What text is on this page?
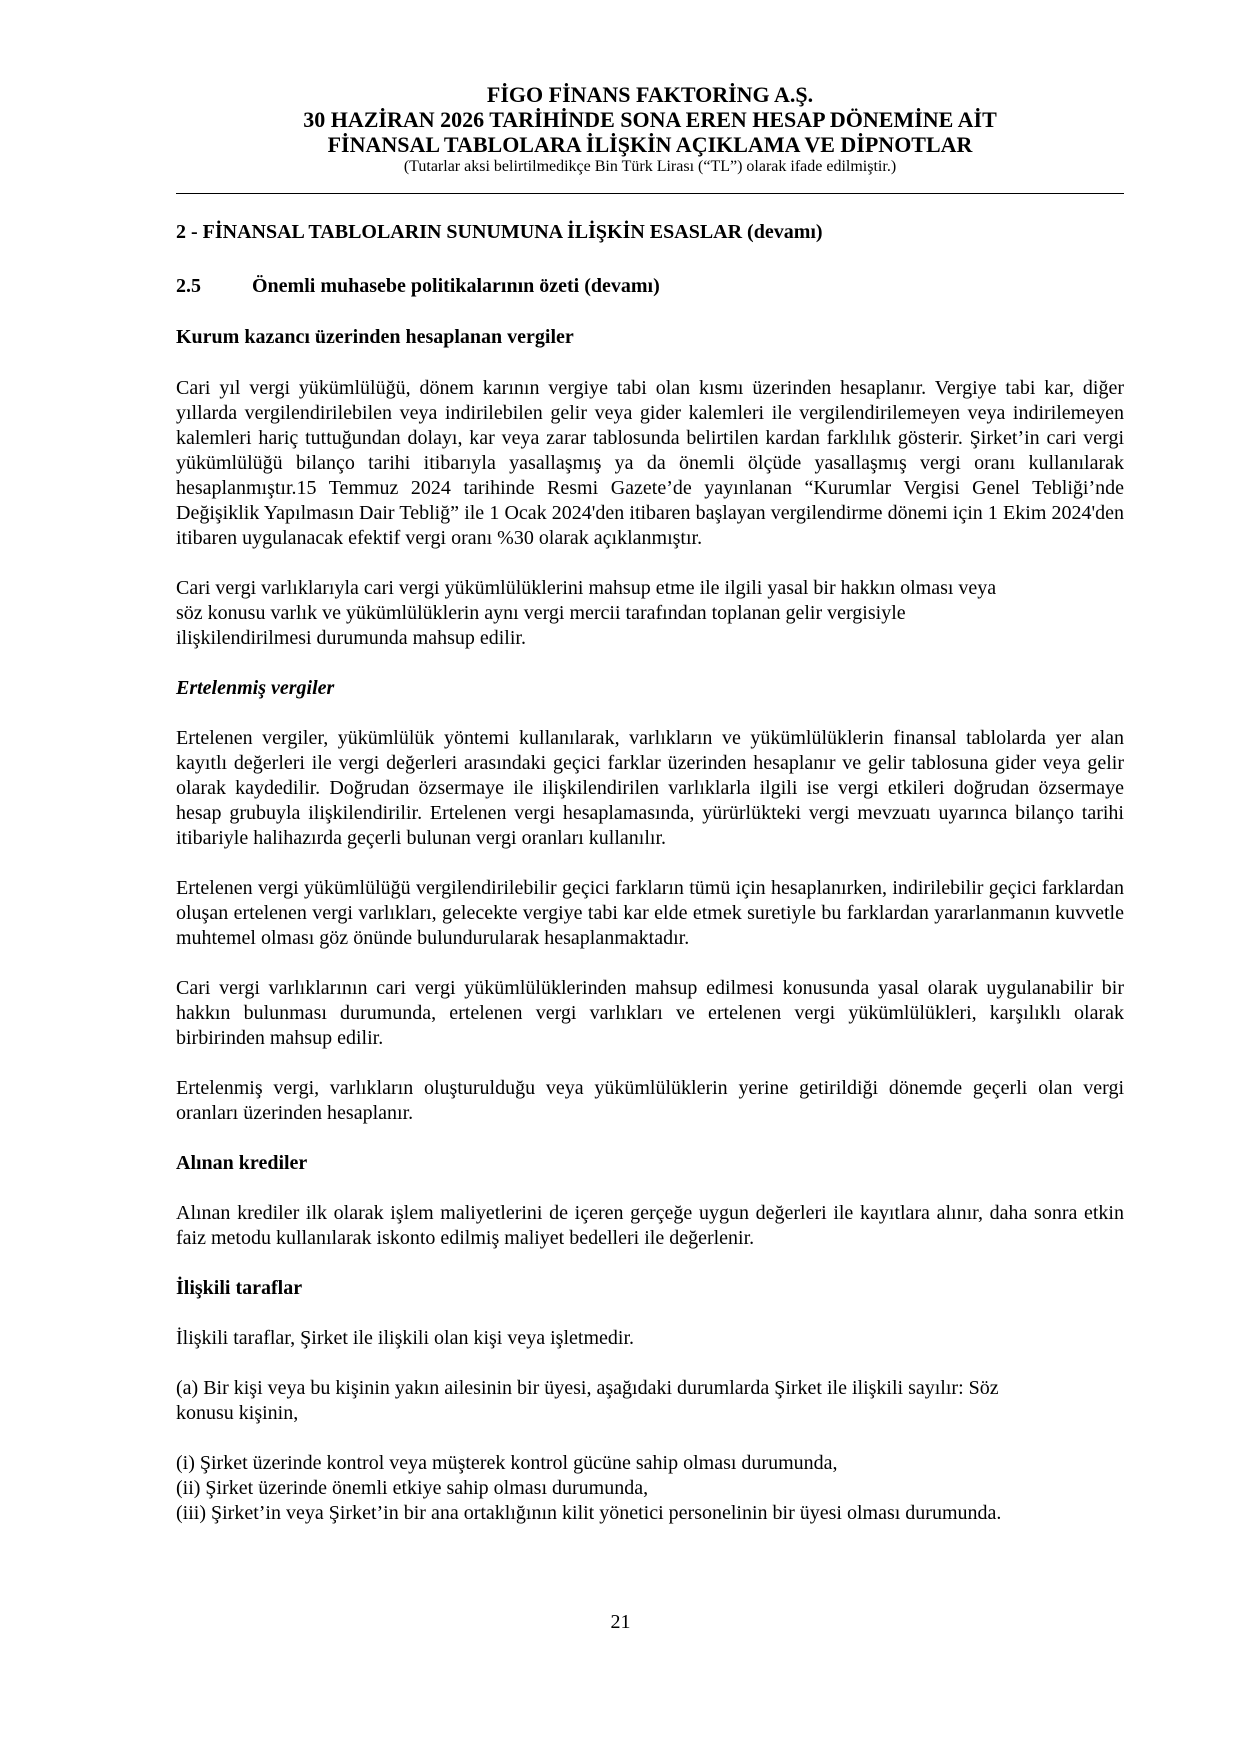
FİGO FİNANS FAKTORİNG A.Ş.
30 HAZİRAN 2026 TARİHİNDE SONA EREN HESAP DÖNEMİNE AİT
FİNANSAL TABLOLARA İLİŞKİN AÇIKLAMA VE DİPNOTLAR
(Tutarlar aksi belirtilmedikçe Bin Türk Lirası (“TL”) olarak ifade edilmiştir.)

2 - FİNANSAL TABLOLARIN SUNUMUNA İLİŞKİN ESASLAR (devamı)

2.5	Önemli muhasebe politikalarının özeti (devamı)

Kurum kazancı üzerinden hesaplanan vergiler

Cari yıl vergi yükümlülüğü, dönem karının vergiye tabi olan kısmı üzerinden hesaplanır. Vergiye tabi kar, diğer yıllarda vergilendirilebilen veya indirilebilen gelir veya gider kalemleri ile vergilendirilemeyen veya indirilemeyen kalemleri hariç tuttuğundan dolayı, kar veya zarar tablosunda belirtilen kardan farklılık gösterir. Şirket’in cari vergi yükümlülüğü bilanço tarihi itibarıyla yasallaşmış ya da önemli ölçüde yasallaşmış vergi oranı kullanılarak hesaplanmıştır.15 Temmuz 2024 tarihinde Resmi Gazete’de yayınlanan “Kurumlar Vergisi Genel Tebliği’nde Değişiklik Yapılmasın Dair Tebliğ” ile 1 Ocak 2024'den itibaren başlayan vergilendirme dönemi için 1 Ekim 2024'den itibaren uygulanacak efektif vergi oranı %30 olarak açıklanmıştır.

Cari vergi varlıklarıyla cari vergi yükümlülüklerini mahsup etme ile ilgili yasal bir hakkın olması veya
söz konusu varlık ve yükümlülüklerin aynı vergi mercii tarafından toplanan gelir vergisiyle
ilişkilendirilmesi durumunda mahsup edilir.

Ertelenmiş vergiler

Ertelenen vergiler, yükümlülük yöntemi kullanılarak, varlıkların ve yükümlülüklerin finansal tablolarda yer alan kayıtlı değerleri ile vergi değerleri arasındaki geçici farklar üzerinden hesaplanır ve gelir tablosuna gider veya gelir olarak kaydedilir. Doğrudan özsermaye ile ilişkilendirilen varlıklarla ilgili ise vergi etkileri doğrudan özsermaye hesap grubuyla ilişkilendirilir. Ertelenen vergi hesaplamasında, yürürlükteki vergi mevzuatı uyarınca bilanço tarihi itibariyle halihazırda geçerli bulunan vergi oranları kullanılır.

Ertelenen vergi yükümlülüğü vergilendirilebilir geçici farkların tümü için hesaplanırken, indirilebilir geçici farklardan oluşan ertelenen vergi varlıkları, gelecekte vergiye tabi kar elde etmek suretiyle bu farklardan yararlanmanın kuvvetle muhtemel olması göz önünde bulundurularak hesaplanmaktadır.

Cari vergi varlıklarının cari vergi yükümlülüklerinden mahsup edilmesi konusunda yasal olarak uygulanabilir bir hakkın bulunması durumunda, ertelenen vergi varlıkları ve ertelenen vergi yükümlülükleri, karşılıklı olarak birbirinden mahsup edilir.

Ertelenmiş vergi, varlıkların oluşturulduğu veya yükümlülüklerin yerine getirildiği dönemde geçerli olan vergi oranları üzerinden hesaplanır.

Alınan krediler

Alınan krediler ilk olarak işlem maliyetlerini de içeren gerçeğe uygun değerleri ile kayıtlara alınır, daha sonra etkin faiz metodu kullanılarak iskonto edilmiş maliyet bedelleri ile değerlenir.

İlişkili taraflar

İlişkili taraflar, Şirket ile ilişkili olan kişi veya işletmedir.

(a) Bir kişi veya bu kişinin yakın ailesinin bir üyesi, aşağıdaki durumlarda Şirket ile ilişkili sayılır: Söz
konusu kişinin,
(i) Şirket üzerinde kontrol veya müşterek kontrol gücüne sahip olması durumunda,
(ii) Şirket üzerinde önemli etkiye sahip olması durumunda,
(iii) Şirket’in veya Şirket’in bir ana ortaklığının kilit yönetici personelinin bir üyesi olması durumunda.
21
